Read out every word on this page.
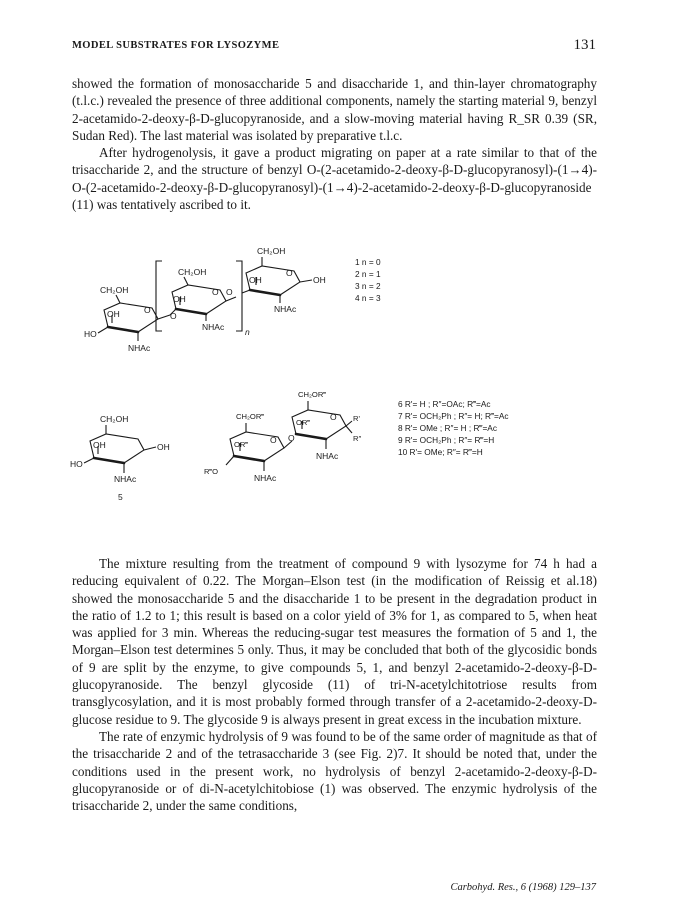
MODEL SUBSTRATES FOR LYSOZYME	131

showed the formation of monosaccharide 5 and disaccharide 1, and thin-layer chromatography (t.l.c.) revealed the presence of three additional components, namely the starting material 9, benzyl 2-acetamido-2-deoxy-β-D-glucopyranoside, and a slow-moving material having R_SR 0.39 (SR, Sudan Red). The last material was isolated by preparative t.l.c.

After hydrogenolysis, it gave a product migrating on paper at a rate similar to that of the trisaccharide 2, and the structure of benzyl O-(2-acetamido-2-deoxy-β-D-glucopyranosyl)-(1→4)-O-(2-acetamido-2-deoxy-β-D-glucopyranosyl)-(1→4)-2-acetamido-2-deoxy-β-D-glucopyranoside (11) was tentatively ascribed to it.

CH₂OH
O
OH
HO
NHAc
O
CH₂OH
O
OH
NHAc
O
n
CH₂OH
O
OH	OH
NHAc
1 n = 0
2 n = 1
3 n = 2
4 n = 3
CH₂OH
OH
HO
OH
NHAc
5
CH₂OR‴
O
OR‴
R‴O
NHAc
O
CH₂OR‴
O
OR‴	R'
R″
NHAc
6 R'= H ; R″=OAc; R‴=Ac
7 R'= OCH₂Ph ; R″= H; R‴=Ac
8 R'= OMe ; R″= H ; R‴=Ac
9 R'= OCH₂Ph ; R″= R‴=H
10 R'= OMe; R″= R‴=H

The mixture resulting from the treatment of compound 9 with lysozyme for 74 h had a reducing equivalent of 0.22. The Morgan–Elson test (in the modification of Reissig et al.18) showed the monosaccharide 5 and the disaccharide 1 to be present in the degradation product in the ratio of 1.2 to 1; this result is based on a color yield of 3% for 1, as compared to 5, when heat was applied for 3 min. Whereas the reducing-sugar test measures the formation of 5 and 1, the Morgan–Elson test determines 5 only. Thus, it may be concluded that both of the glycosidic bonds of 9 are split by the enzyme, to give compounds 5, 1, and benzyl 2-acetamido-2-deoxy-β-D-glucopyranoside. The benzyl glycoside (11) of tri-N-acetylchitotriose results from transglycosylation, and it is most probably formed through transfer of a 2-acetamido-2-deoxy-D-glucose residue to 9. The glycoside 9 is always present in great excess in the incubation mixture.

The rate of enzymic hydrolysis of 9 was found to be of the same order of magnitude as that of the trisaccharide 2 and of the tetrasaccharide 3 (see Fig. 2)7. It should be noted that, under the conditions used in the present work, no hydrolysis of benzyl 2-acetamido-2-deoxy-β-D-glucopyranoside or of di-N-acetylchitobiose (1) was observed. The enzymic hydrolysis of the trisaccharide 2, under the same conditions,

Carbohyd. Res., 6 (1968) 129–137
